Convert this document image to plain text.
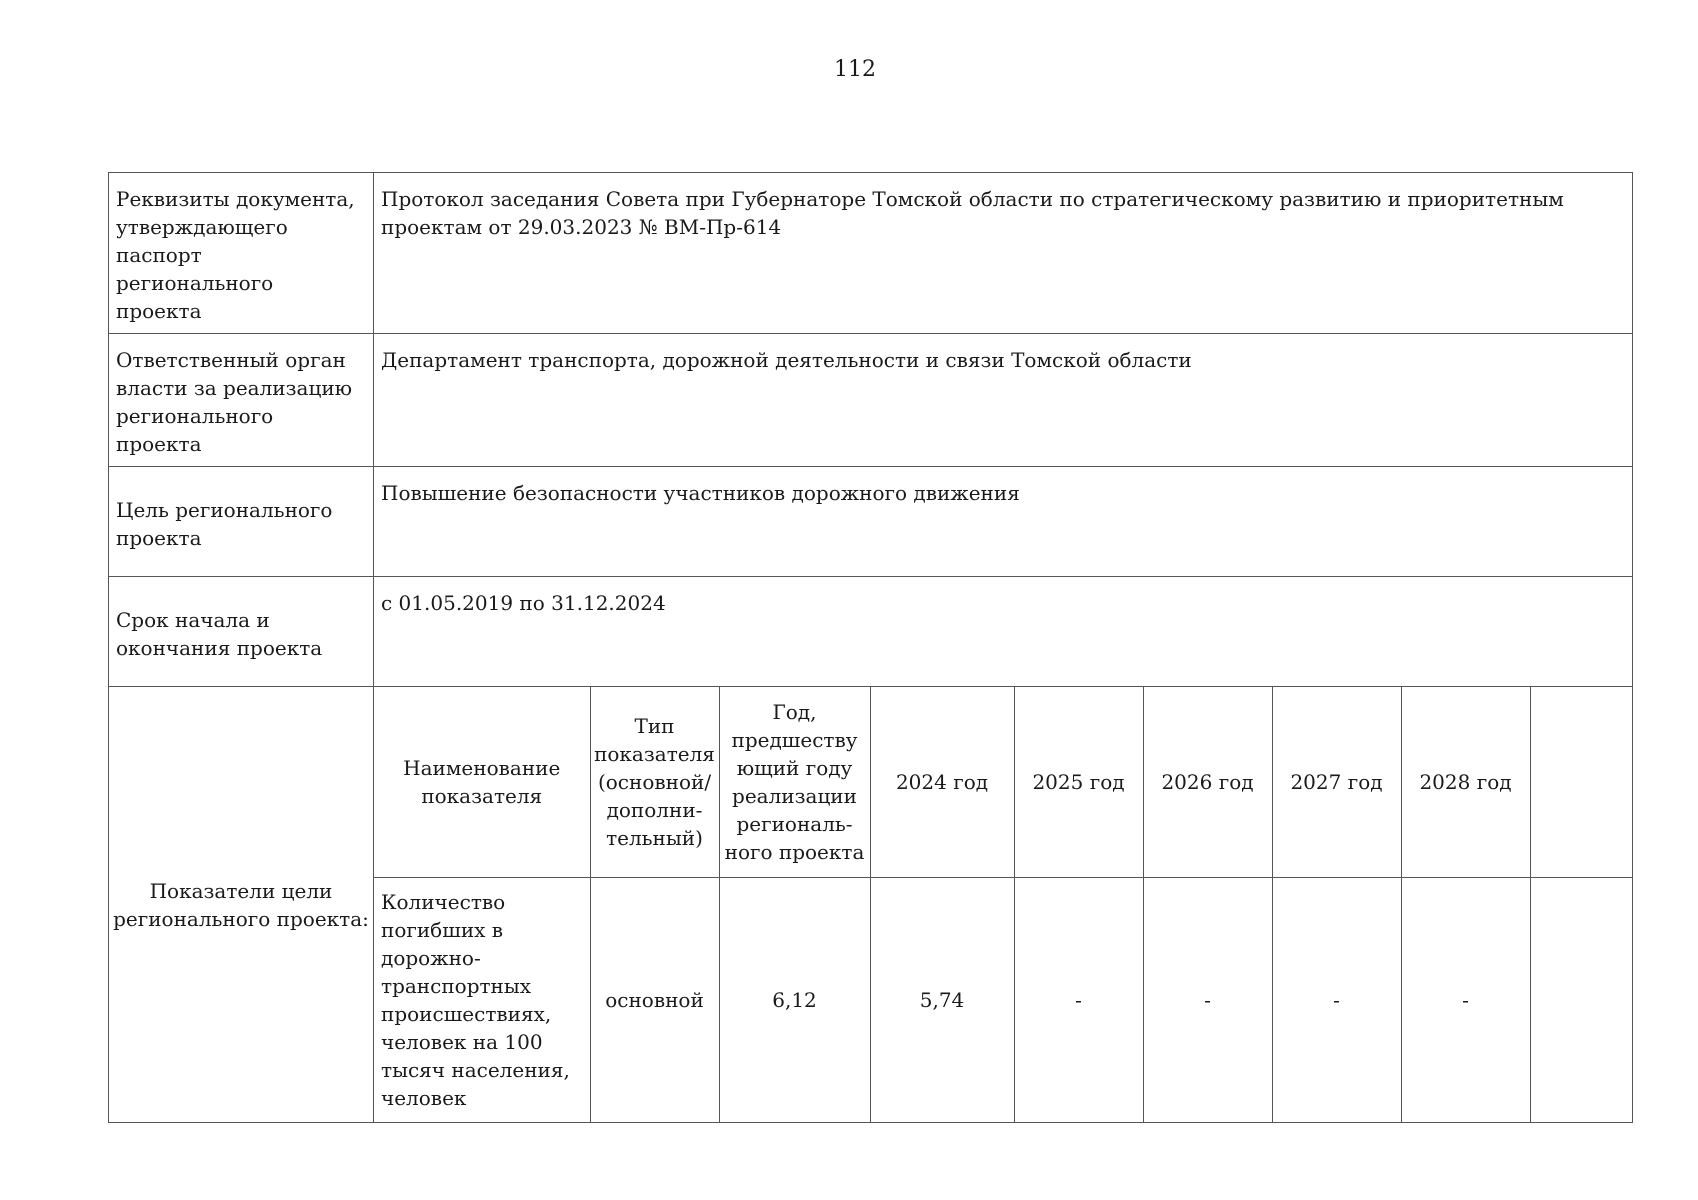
112
Реквизиты документа, утверждающего паспорт регионального проекта	Протокол заседания Совета при Губернаторе Томской области по стратегическому развитию и приоритетным проектам от 29.03.2023 № ВМ-Пр-614
Ответственный орган власти за реализацию регионального проекта	Департамент транспорта, дорожной деятельности и связи Томской области
Цель регионального проекта	Повышение безопасности участников дорожного движения
Срок начала и окончания проекта	с 01.05.2019 по 31.12.2024
Показатели цели регионального проекта:	
Наименование показателя	Тип показателя (основной/ дополни-тельный)	Год, предшеству ющий году реализации региональ-ного проекта	2024 год	2025 год	2026 год	2027 год	2028 год	
Количество погибших в дорожно-транспортных происшествиях, человек на 100 тысяч населения, человек	основной	6,12	5,74	-	-	-	-	
